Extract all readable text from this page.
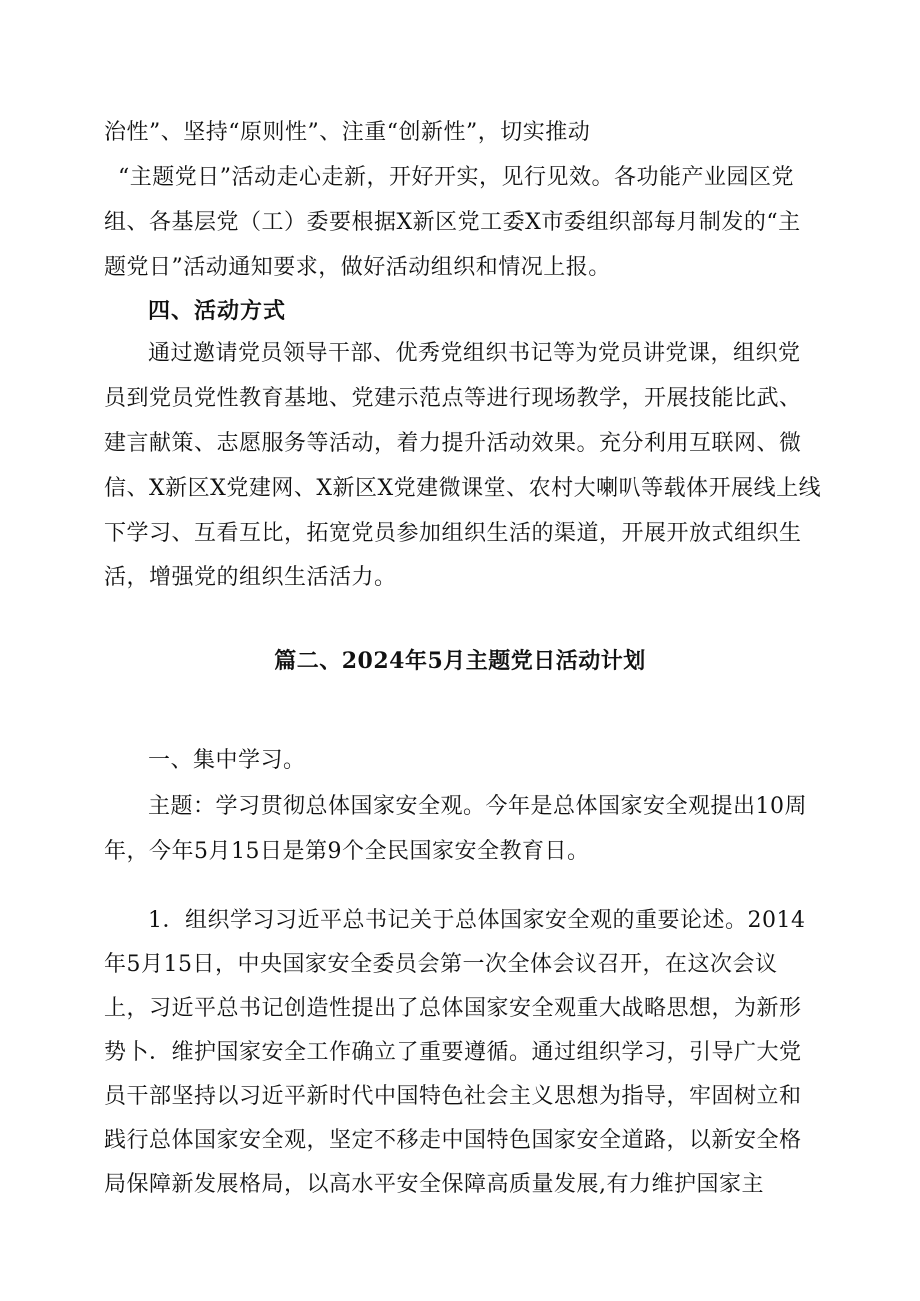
治性”、坚持“原则性”、注重“创新性”，切实推动
“主题党日”活动走心走新，开好开实，见行见效。各功能产业园区党
组、各基层党（工）委要根据X新区党工委X市委组织部每月制发的“主
题党日”活动通知要求，做好活动组织和情况上报。
四、活动方式
通过邀请党员领导干部、优秀党组织书记等为党员讲党课，组织党
员到党员党性教育基地、党建示范点等进行现场教学，开展技能比武、
建言献策、志愿服务等活动，着力提升活动效果。充分利用互联网、微
信、X新区X党建网、X新区X党建微课堂、农村大喇叭等载体开展线上线
下学习、互看互比，拓宽党员参加组织生活的渠道，开展开放式组织生
活，增强党的组织生活活力。
篇二、2024年5月主题党日活动计划
一、集中学习。
主题：学习贯彻总体国家安全观。今年是总体国家安全观提出10周
年，今年5月15日是第9个全民国家安全教育日。
1．组织学习习近平总书记关于总体国家安全观的重要论述。2014
年5月15日，中央国家安全委员会第一次全体会议召开，在这次会议
上，习近平总书记创造性提出了总体国家安全观重大战略思想，为新形
势卜．维护国家安全工作确立了重要遵循。通过组织学习，引导广大党
员干部坚持以习近平新时代中国特色社会主义思想为指导，牢固树立和
践行总体国家安全观，坚定不移走中国特色国家安全道路，以新安全格
局保障新发展格局，以高水平安全保障高质量发展,有力维护国家主
